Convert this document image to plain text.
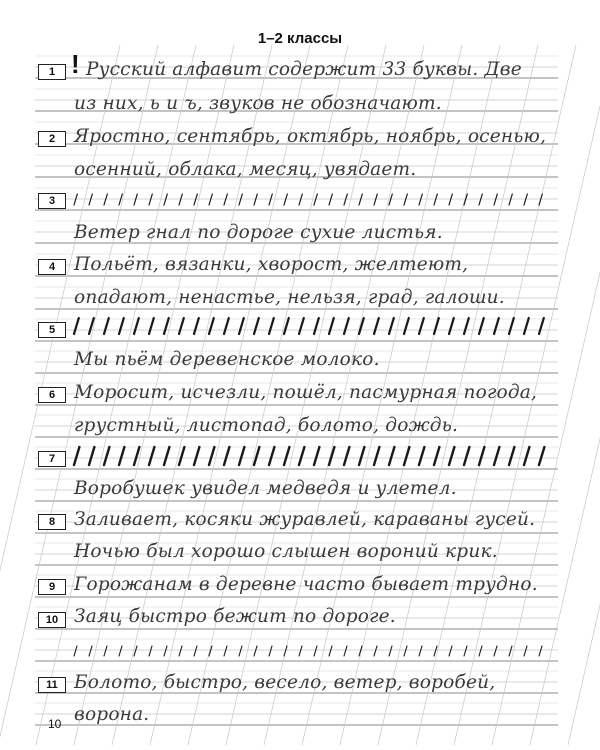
1–2 классы
!
1	Русский алфавит содержит 33 буквы. Две
из них, ь и ъ, звуков не обозначают.
2	Яростно, сентябрь, октябрь, ноябрь, осенью,
осенний, облака, месяц, увядает.
3
Ветер гнал по дороге сухие листья.
4	Польёт, вязанки, хворост, желтеют,
опадают, ненастье, нельзя, град, галоши.
5
Мы пьём деревенское молоко.
6	Моросит, исчезли, пошёл, пасмурная погода,
грустный, листопад, болото, дождь.
7
Воробушек увидел медведя и улетел.
8	Заливает, косяки журавлей, караваны гусей.
Ночью был хорошо слышен вороний крик.
9	Горожанам в деревне часто бывает трудно.
10 Заяц быстро бежит по дороге.
11 Болото, быстро, весело, ветер, воробей,
ворона.
10
